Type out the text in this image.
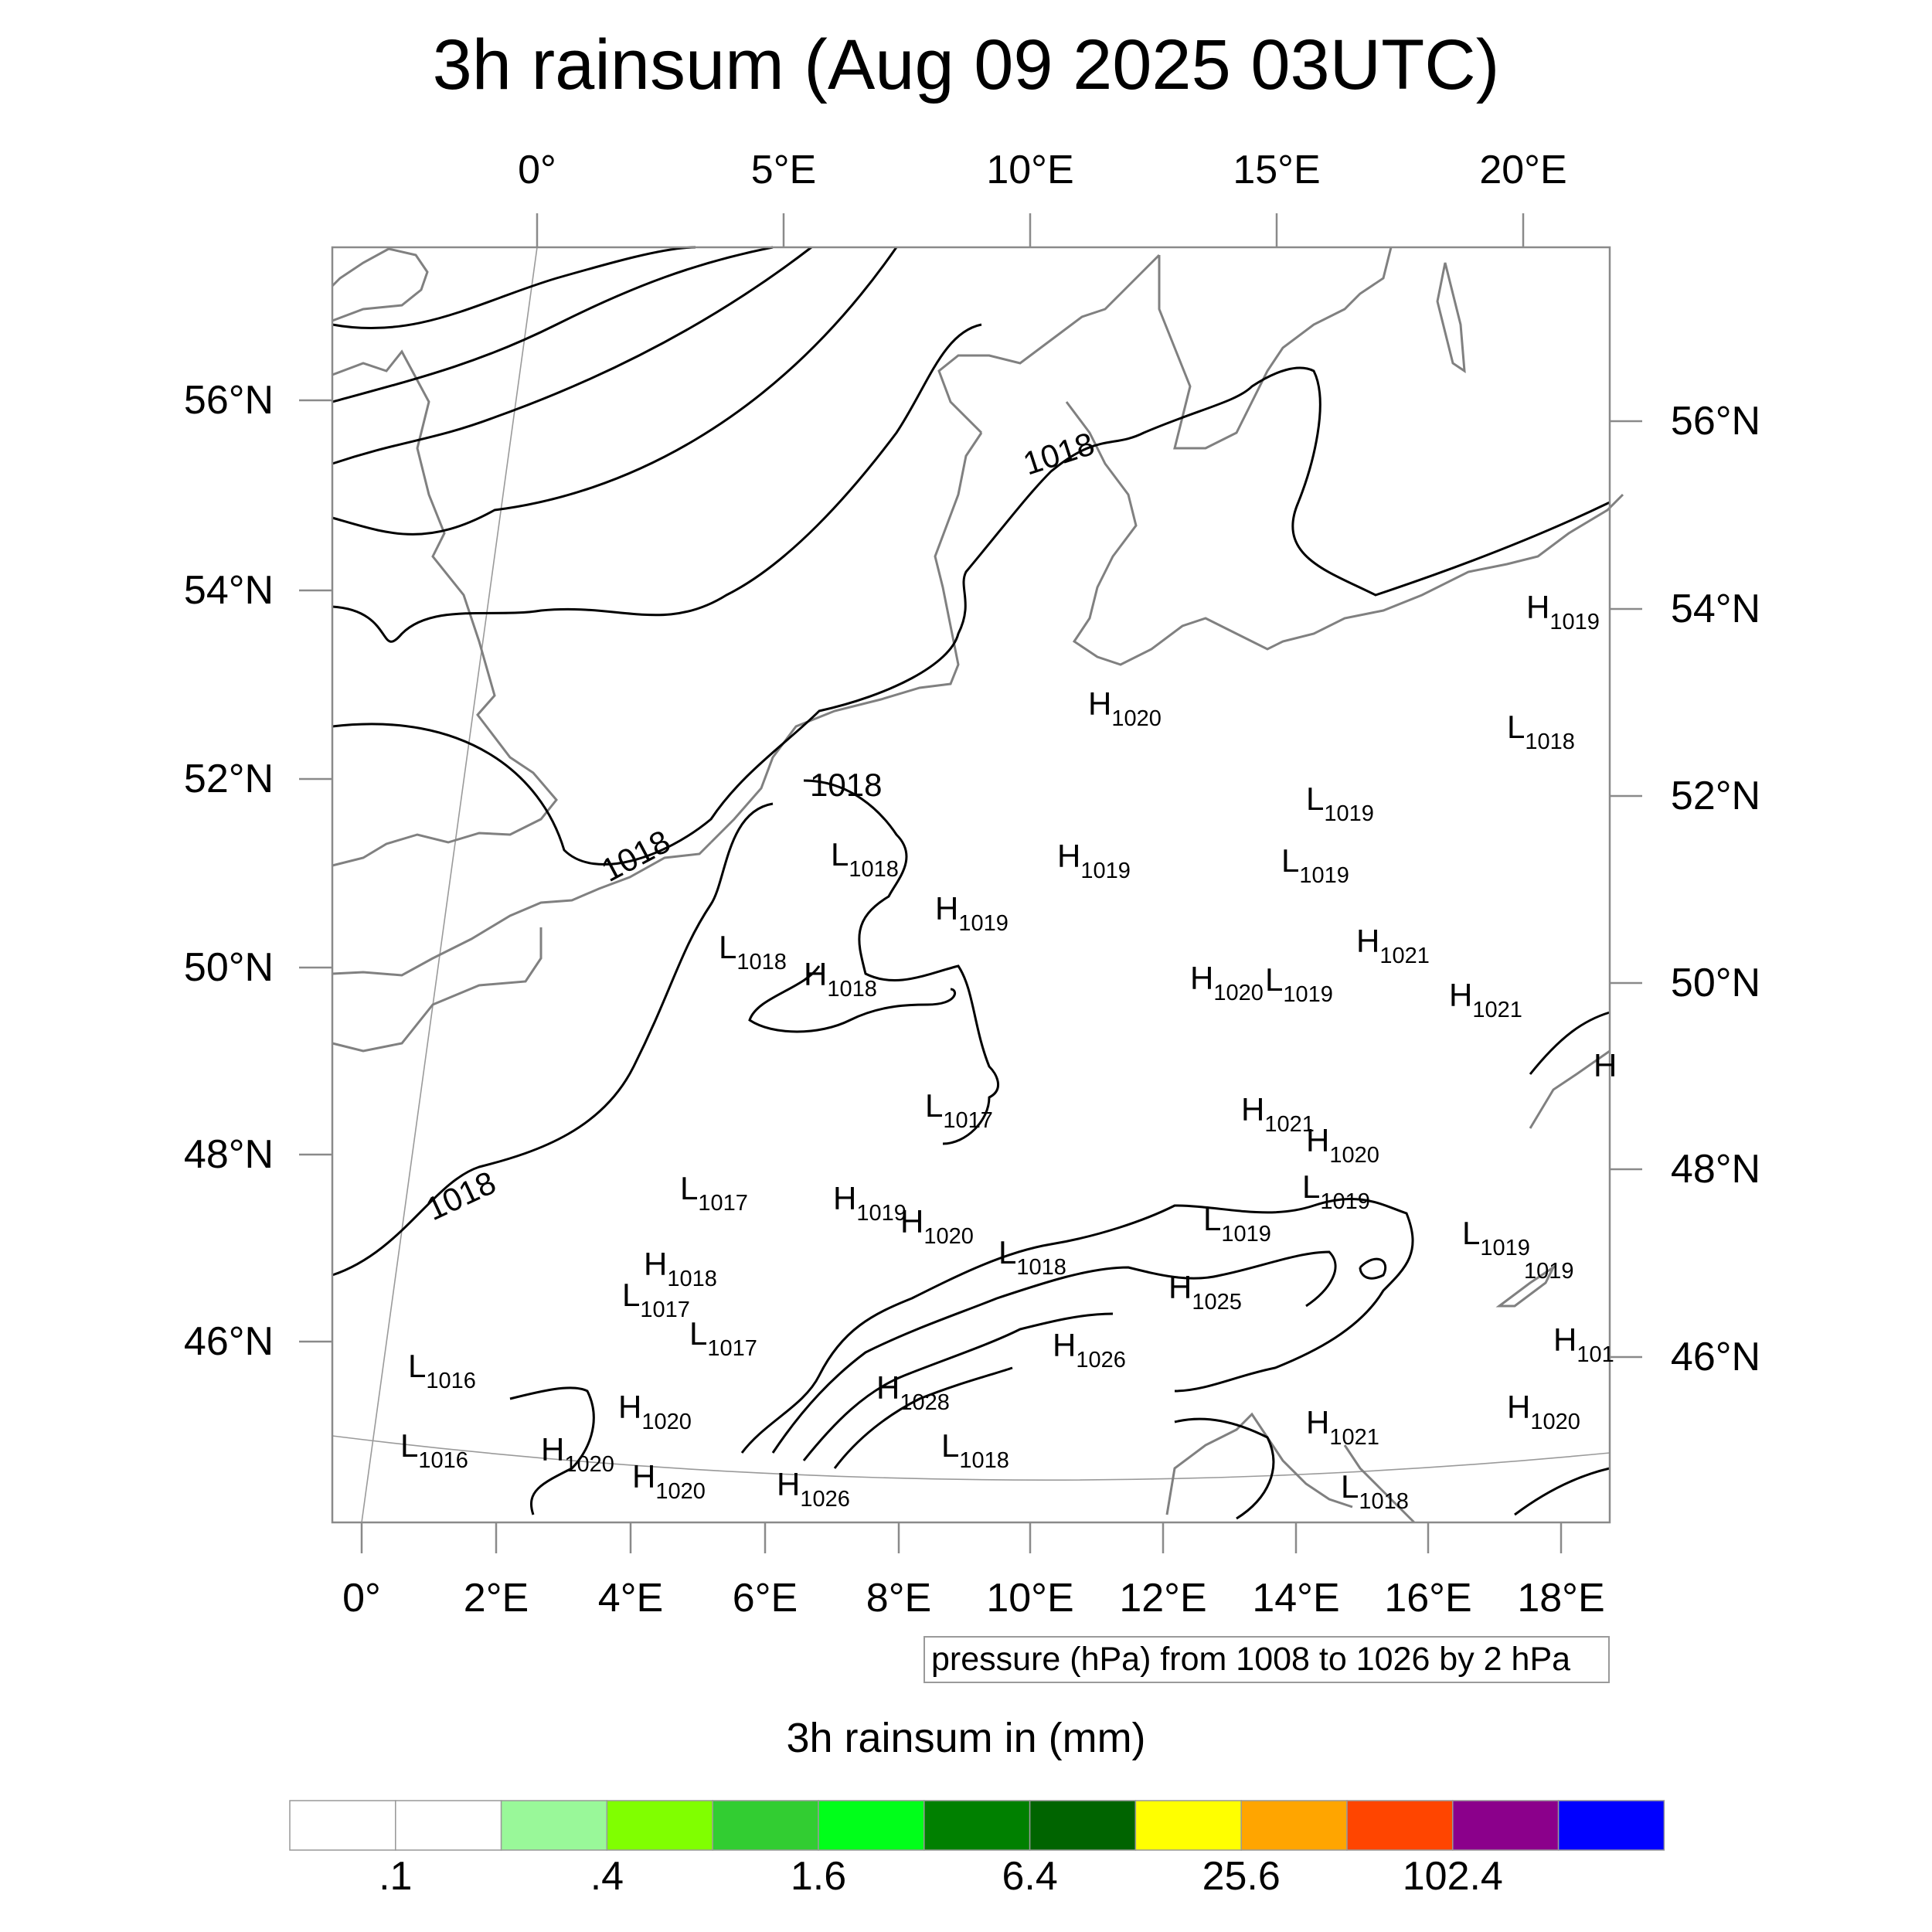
3h rainsum (Aug 09 2025 03UTC)
1018
1018
1018
1018
H1019
L1018
H1020
L1019
L1018	H1019	L1019
H1019	H1021
L1018 H1018	H1020 L1019	H1021
H1021
L1017
H1020
L1017	L1019
H1019
H1020	L1019	L1019
H1018
L1018
H1025
L1017
L1017	H1026
L1016	H1028
H1020	H1021
H1020
L1016 H1020
L1018
H1020 H1026	L1018
H101
H
1019
0°	5°E	10°E	15°E	20°E
0° 2°E 4°E 6°E 8°E 10°E 12°E 14°E 16°E 18°E
56°N
54°N
52°N
50°N
48°N
46°N
56°N
54°N
52°N
50°N
48°N
46°N
pressure (hPa) from 1008 to 1026 by 2 hPa
3h rainsum in (mm)
.1	.4	1.6	6.4	25.6	102.4
